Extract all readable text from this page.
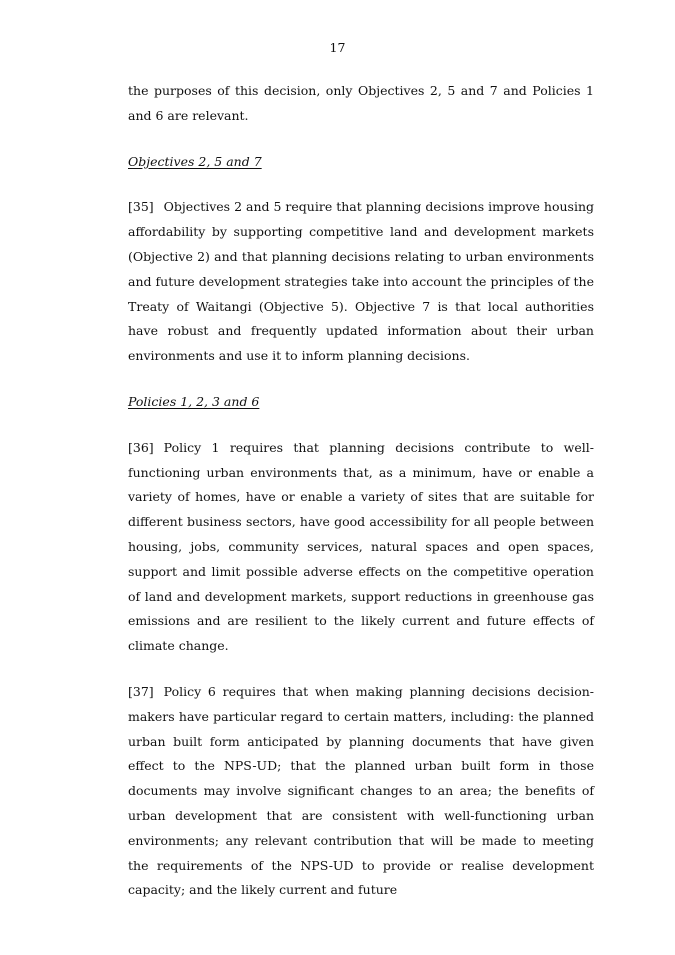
17

the purposes of this decision, only Objectives 2, 5 and 7 and Policies 1 and 6 are relevant.

Objectives 2, 5 and 7

[35] Objectives 2 and 5 require that planning decisions improve housing affordability by supporting competitive land and development markets (Objective 2) and that planning decisions relating to urban environments and future development strategies take into account the principles of the Treaty of Waitangi (Objective 5). Objective 7 is that local authorities have robust and frequently updated information about their urban environments and use it to inform planning decisions.

Policies 1, 2, 3 and 6

[36] Policy 1 requires that planning decisions contribute to well-functioning urban environments that, as a minimum, have or enable a variety of homes, have or enable a variety of sites that are suitable for different business sectors, have good accessibility for all people between housing, jobs, community services, natural spaces and open spaces, support and limit possible adverse effects on the competitive operation of land and development markets, support reductions in greenhouse gas emissions and are resilient to the likely current and future effects of climate change.

[37] Policy 6 requires that when making planning decisions decision-makers have particular regard to certain matters, including: the planned urban built form anticipated by planning documents that have given effect to the NPS-UD; that the planned urban built form in those documents may involve significant changes to an area; the benefits of urban development that are consistent with well-functioning urban environments; any relevant contribution that will be made to meeting the requirements of the NPS-UD to provide or realise development capacity; and the likely current and future
